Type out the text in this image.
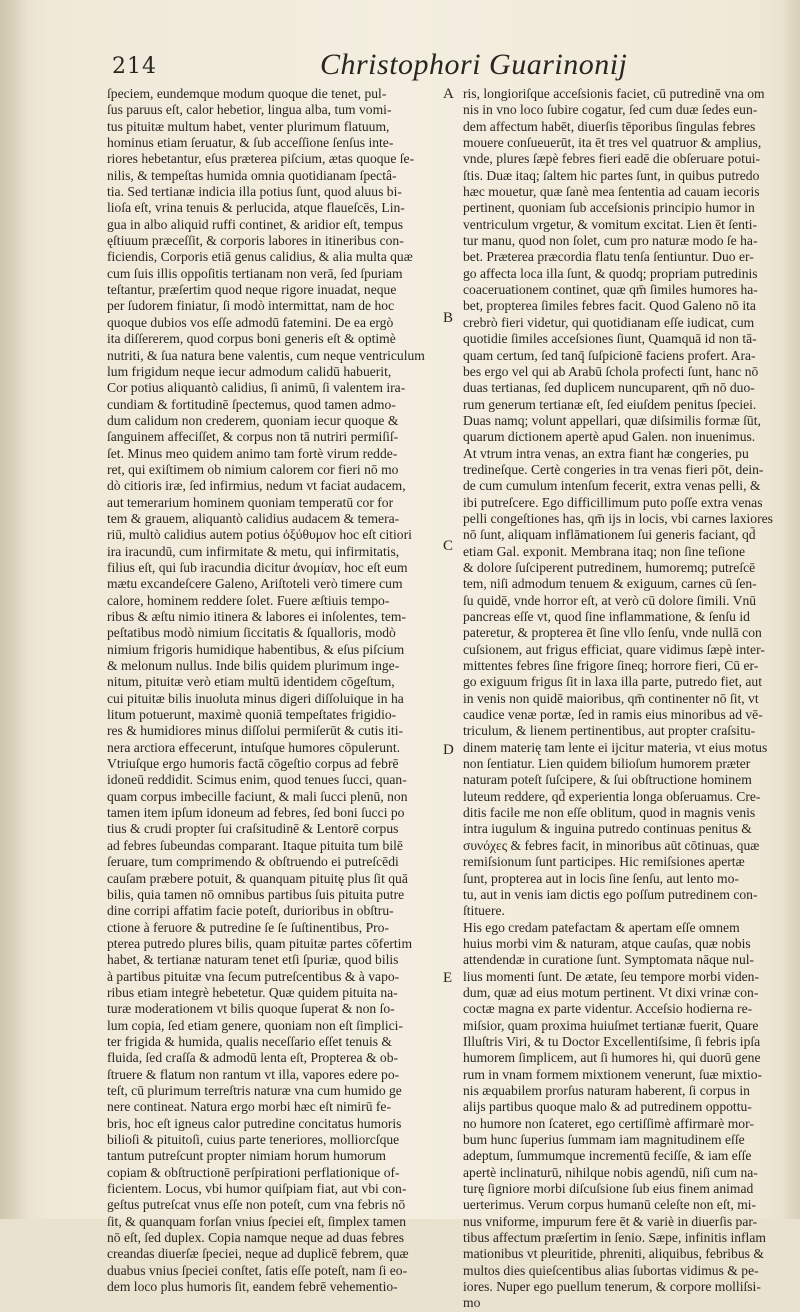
214	Christophori Guarinonij
ſpeciem, eundemque modum quoque die tenet, pul-
ſus paruus eſt, calor hebetior, lingua alba, tum vomi-
tus pituitæ multum habet, venter plurimum flatuum,
hominus etiam ſeruatur, & ſub acceſſione ſenſus inte-
riores hebetantur, eſus præterea piſcium, ætas quoque ſe-
nilis, & tempeſtas humida omnia quotidianam ſpectâ-
tia. Sed tertianæ indicia illa potius ſunt, quod aluus bi-
lioſa eſt, vrina tenuis & perlucida, atque flaueſcēs, Lin-
gua in albo aliquid ruffi continet, & aridior eſt, tempus
ęſtiuum præceſſit, & corporis labores in itineribus con-
ficiendis, Corporis etiā genus calidius, & alia multa quæ
cum ſuis illis oppoſitis tertianam non verā, ſed ſpuriam
teſtantur, præſertim quod neque rigore inuadat, neque
per ſudorem finiatur, ſi modò intermittat, nam de hoc
quoque dubios vos eſſe admodū fatemini. De ea ergò
ita diſſererem, quod corpus boni generis eſt & optimè
nutriti, & ſua natura bene valentis, cum neque ventriculum
lum frigidum neque iecur admodum calidū habuerit,
Cor potius aliquantò calidius, ſi animū, ſi valentem ira-
cundiam & fortitudinē ſpectemus, quod tamen admo-
dum calidum non crederem, quoniam iecur quoque &
ſanguinem affeciſſet, & corpus non tā nutriri permiſiſ-
ſet. Minus meo quidem animo tam fortè virum redde-
ret, qui exiſtimem ob nimium calorem cor fieri nō mo
dò citioris iræ, ſed infirmius, nedum vt faciat audacem,
aut temerarium hominem quoniam temperatū cor for
tem & grauem, aliquantò calidius audacem & temera-
riū, multò calidius autem potius ὀξύθυμον hoc eſt citiori
ira iracundū, cum infirmitate & metu, qui infirmitatis,
filius eſt, qui ſub iracundia dicitur ἀνομίαν, hoc eſt eum
mætu excandeſcere Galeno, Ariſtoteli verò timere cum
calore, hominem reddere ſolet. Fuere æſtiuis tempo-
ribus & æſtu nimio itinera & labores ei inſolentes, tem-
peſtatibus modò nimium ſiccitatis & ſqualloris, modò
nimium frigoris humidique habentibus, & eſus piſcium
& melonum nullus. Inde bilis quidem plurimum inge-
nitum, pituitæ verò etiam multū identidem cōgeſtum,
cui pituitæ bilis inuoluta minus digeri diſſoluique in ha
litum potuerunt, maximè quoniā tempeſtates frigidio-
res & humidiores minus diſſolui permiſerūt & cutis iti-
nera arctiora effecerunt, intuſque humores cōpulerunt.
Vtriuſque ergo humoris factā cōgeſtio corpus ad febrē
idoneū reddidit. Scimus enim, quod tenues ſucci, quan-
quam corpus imbecille faciunt, & mali ſucci plenū, non
tamen item ipſum idoneum ad febres, ſed boni ſucci po
tius & crudi propter ſui craſsitudinē & Lentorē corpus
ad febres ſubeundas comparant. Itaque pituita tum bilē
ſeruare, tum comprimendo & obſtruendo ei putreſcēdi
cauſam præbere potuit, & quanquam pituitę plus ſit quā
bilis, quia tamen nō omnibus partibus ſuis pituita putre
dine corripi affatim facie poteſt, durioribus in obſtru-
ctione à feruore & putredine ſe ſe ſuſtinentibus, Pro-
pterea putredo plures bilis, quam pituitæ partes cōfertim
habet, & tertianæ naturam tenet etſi ſpuriæ, quod bilis
à partibus pituitæ vna ſecum putreſcentibus & à vapo-
ribus etiam integrè hebetetur. Quæ quidem pituita na-
turæ moderationem vt bilis quoque ſuperat & non ſo-
lum copia, ſed etiam genere, quoniam non eſt ſimplici-
ter frigida & humida, qualis neceſſario eſſet tenuis &
fluida, ſed craſſa & admodū lenta eſt, Propterea & ob-
ſtruere & flatum non rantum vt illa, vapores edere po-
teſt, cū plurimum terreſtris naturæ vna cum humido ge
nere contineat. Natura ergo morbi hæc eſt nimirū fe-
bris, hoc eſt igneus calor putredine concitatus humoris
bilioſi & pituitoſi, cuius parte teneriores, molliorcſque
tantum putreſcunt propter nimiam horum humorum
copiam & obſtructionē perſpirationi perflationique of-
ficientem. Locus, vbi humor quiſpiam fiat, aut vbi con-
geſtus putreſcat vnus eſſe non poteſt, cum vna febris nō
ſit, & quanquam forſan vnius ſpeciei eſt, ſimplex tamen
nō eſt, ſed duplex. Copia namque neque ad duas febres
creandas diuerſæ ſpeciei, neque ad duplicē febrem, quæ
duabus vnius ſpeciei conſtet, ſatis eſſe poteſt, nam ſi eo-
dem loco plus humoris ſit, eandem febrē vehementio-
A
B
C
D
E
ris, longioriſque acceſsionis faciet, cū putredinē vna om
nis in vno loco ſubire cogatur, ſed cum duæ ſedes eun-
dem affectum habēt, diuerſis tēporibus ſingulas febres
mouere conſueuerūt, ita ēt tres vel quatruor & amplius,
vnde, plures ſæpè febres fieri eadē die obſeruare potui-
ſtis. Duæ itaq; ſaltem hic partes ſunt, in quibus putredo
hæc mouetur, quæ ſanè mea ſententia ad cauam iecoris
pertinent, quoniam ſub acceſsionis principio humor in
ventriculum vrgetur, & vomitum excitat. Lien ēt ſenti-
tur manu, quod non ſolet, cum pro naturæ modo ſe ha-
bet. Præterea præcordia flatu tenſa ſentiuntur. Duo er-
go affecta loca illa ſunt, & quodq; propriam putredinis
coaceruationem continet, quæ qm̄ ſimiles humores ha-
bet, propterea ſimiles febres facit. Quod Galeno nō ita
crebrò fieri videtur, qui quotidianam eſſe iudicat, cum
quotidie ſimiles acceſsiones ſiunt, Quamquā id non tā-
quam certum, ſed tanq̄ ſuſpicionē faciens profert. Ara-
bes ergo vel qui ab Arabū ſchola profecti ſunt, hanc nō
duas tertianas, ſed duplicem nuncuparent, qm̄ nō duo-
rum generum tertianæ eſt, ſed eiuſdem penitus ſpeciei.
Duas namq; volunt appellari, quæ diſsimilis formæ ſūt,
quarum dictionem apertè apud Galen. non inuenimus.
At vtrum intra venas, an extra fiant hæ congeries, pu
tredineſque. Certè congeries in tra venas fieri pōt, dein-
de cum cumulum intenſum fecerit, extra venas pelli, &
ibi putreſcere. Ego difficillimum puto poſſe extra venas
pelli congeſtiones has, qm̄ ijs in locis, vbi carnes laxiores
nō ſunt, aliquam inflāmationem ſui generis faciant, qd̄
etiam Gal. exponit. Membrana itaq; non ſine teſione
& dolore ſuſciperent putredinem, humoremq; putreſcē
tem, niſi admodum tenuem & exiguum, carnes cū ſen-
ſu quidē, vnde horror eſt, at verò cū dolore ſimili. Vnū
pancreas eſſe vt, quod ſine inflammatione, & ſenſu id
pateretur, & propterea ēt ſine vllo ſenſu, vnde nullā con
cuſsionem, aut frigus efficiat, quare vidimus ſæpè inter-
mittentes febres ſine frigore ſineq; horrore fieri, Cū er-
go exiguum frigus ſit in laxa illa parte, putredo fiet, aut
in venis non quidē maioribus, qm̄ continenter nō ſit, vt
caudice venæ portæ, ſed in ramis eius minoribus ad vē-
triculum, & lienem pertinentibus, aut propter craſsitu-
dinem materię tam lente ei ijcitur materia, vt eius motus
non ſentiatur. Lien quidem bilioſum humorem præter
naturam poteſt ſuſcipere, & ſui obſtructione hominem
luteum reddere, qd̄ experientia longa obſeruamus. Cre-
ditis facile me non eſſe oblitum, quod in magnis venis
intra iugulum & inguina putredo continuas penitus &
συνόχες & febres facit, in minoribus aūt cōtinuas, quæ
remiſsionum ſunt participes. Hic remiſsiones apertæ
ſunt, propterea aut in locis ſine ſenſu, aut lento mo-
tu, aut in venis iam dictis ego poſſum putredinem con-
ſtituere.
His ego credam patefactam & apertam eſſe omnem
huius morbi vim & naturam, atque cauſas, quæ nobis
attendendæ in curatione ſunt. Symptomata nāque nul-
lius momenti ſunt. De ætate, ſeu tempore morbi viden-
dum, quæ ad eius motum pertinent. Vt dixi vrinæ con-
coctæ magna ex parte videntur. Acceſsio hodierna re-
miſsior, quam proxima huiuſmet tertianæ fuerit, Quare
Illuſtris Viri, & tu Doctor Excellentiſsime, ſi febris ipſa
humorem ſimplicem, aut ſi humores hi, qui duorū gene
rum in vnam formem mixtionem venerunt, ſuæ mixtio-
nis æquabilem prorſus naturam haberent, ſi corpus in
alijs partibus quoque malo & ad putredinem oppottu-
no humore non ſcateret, ego certiſſimè affirmarè mor-
bum hunc ſuperius ſummam iam magnitudinem eſſe
adeptum, ſummumque incrementū feciſſe, & iam eſſe
apertè inclinaturū, nihilque nobis agendū, niſi cum na-
turę ſigniore morbi diſcuſsione ſub eius finem animad
uerterimus. Verum corpus humanū celeſte non eſt, mi-
nus vniforme, impurum fere ēt & variè in diuerſis par-
tibus affectum præſertim in ſenio. Sæpe, infinitis inflam
mationibus vt pleuritide, phreniti, aliquibus, febribus &
multos dies quieſcentibus alias ſubortas vidimus & pe-
iores. Nuper ego puellum tenerum, & corpore molliſsi-
mo
